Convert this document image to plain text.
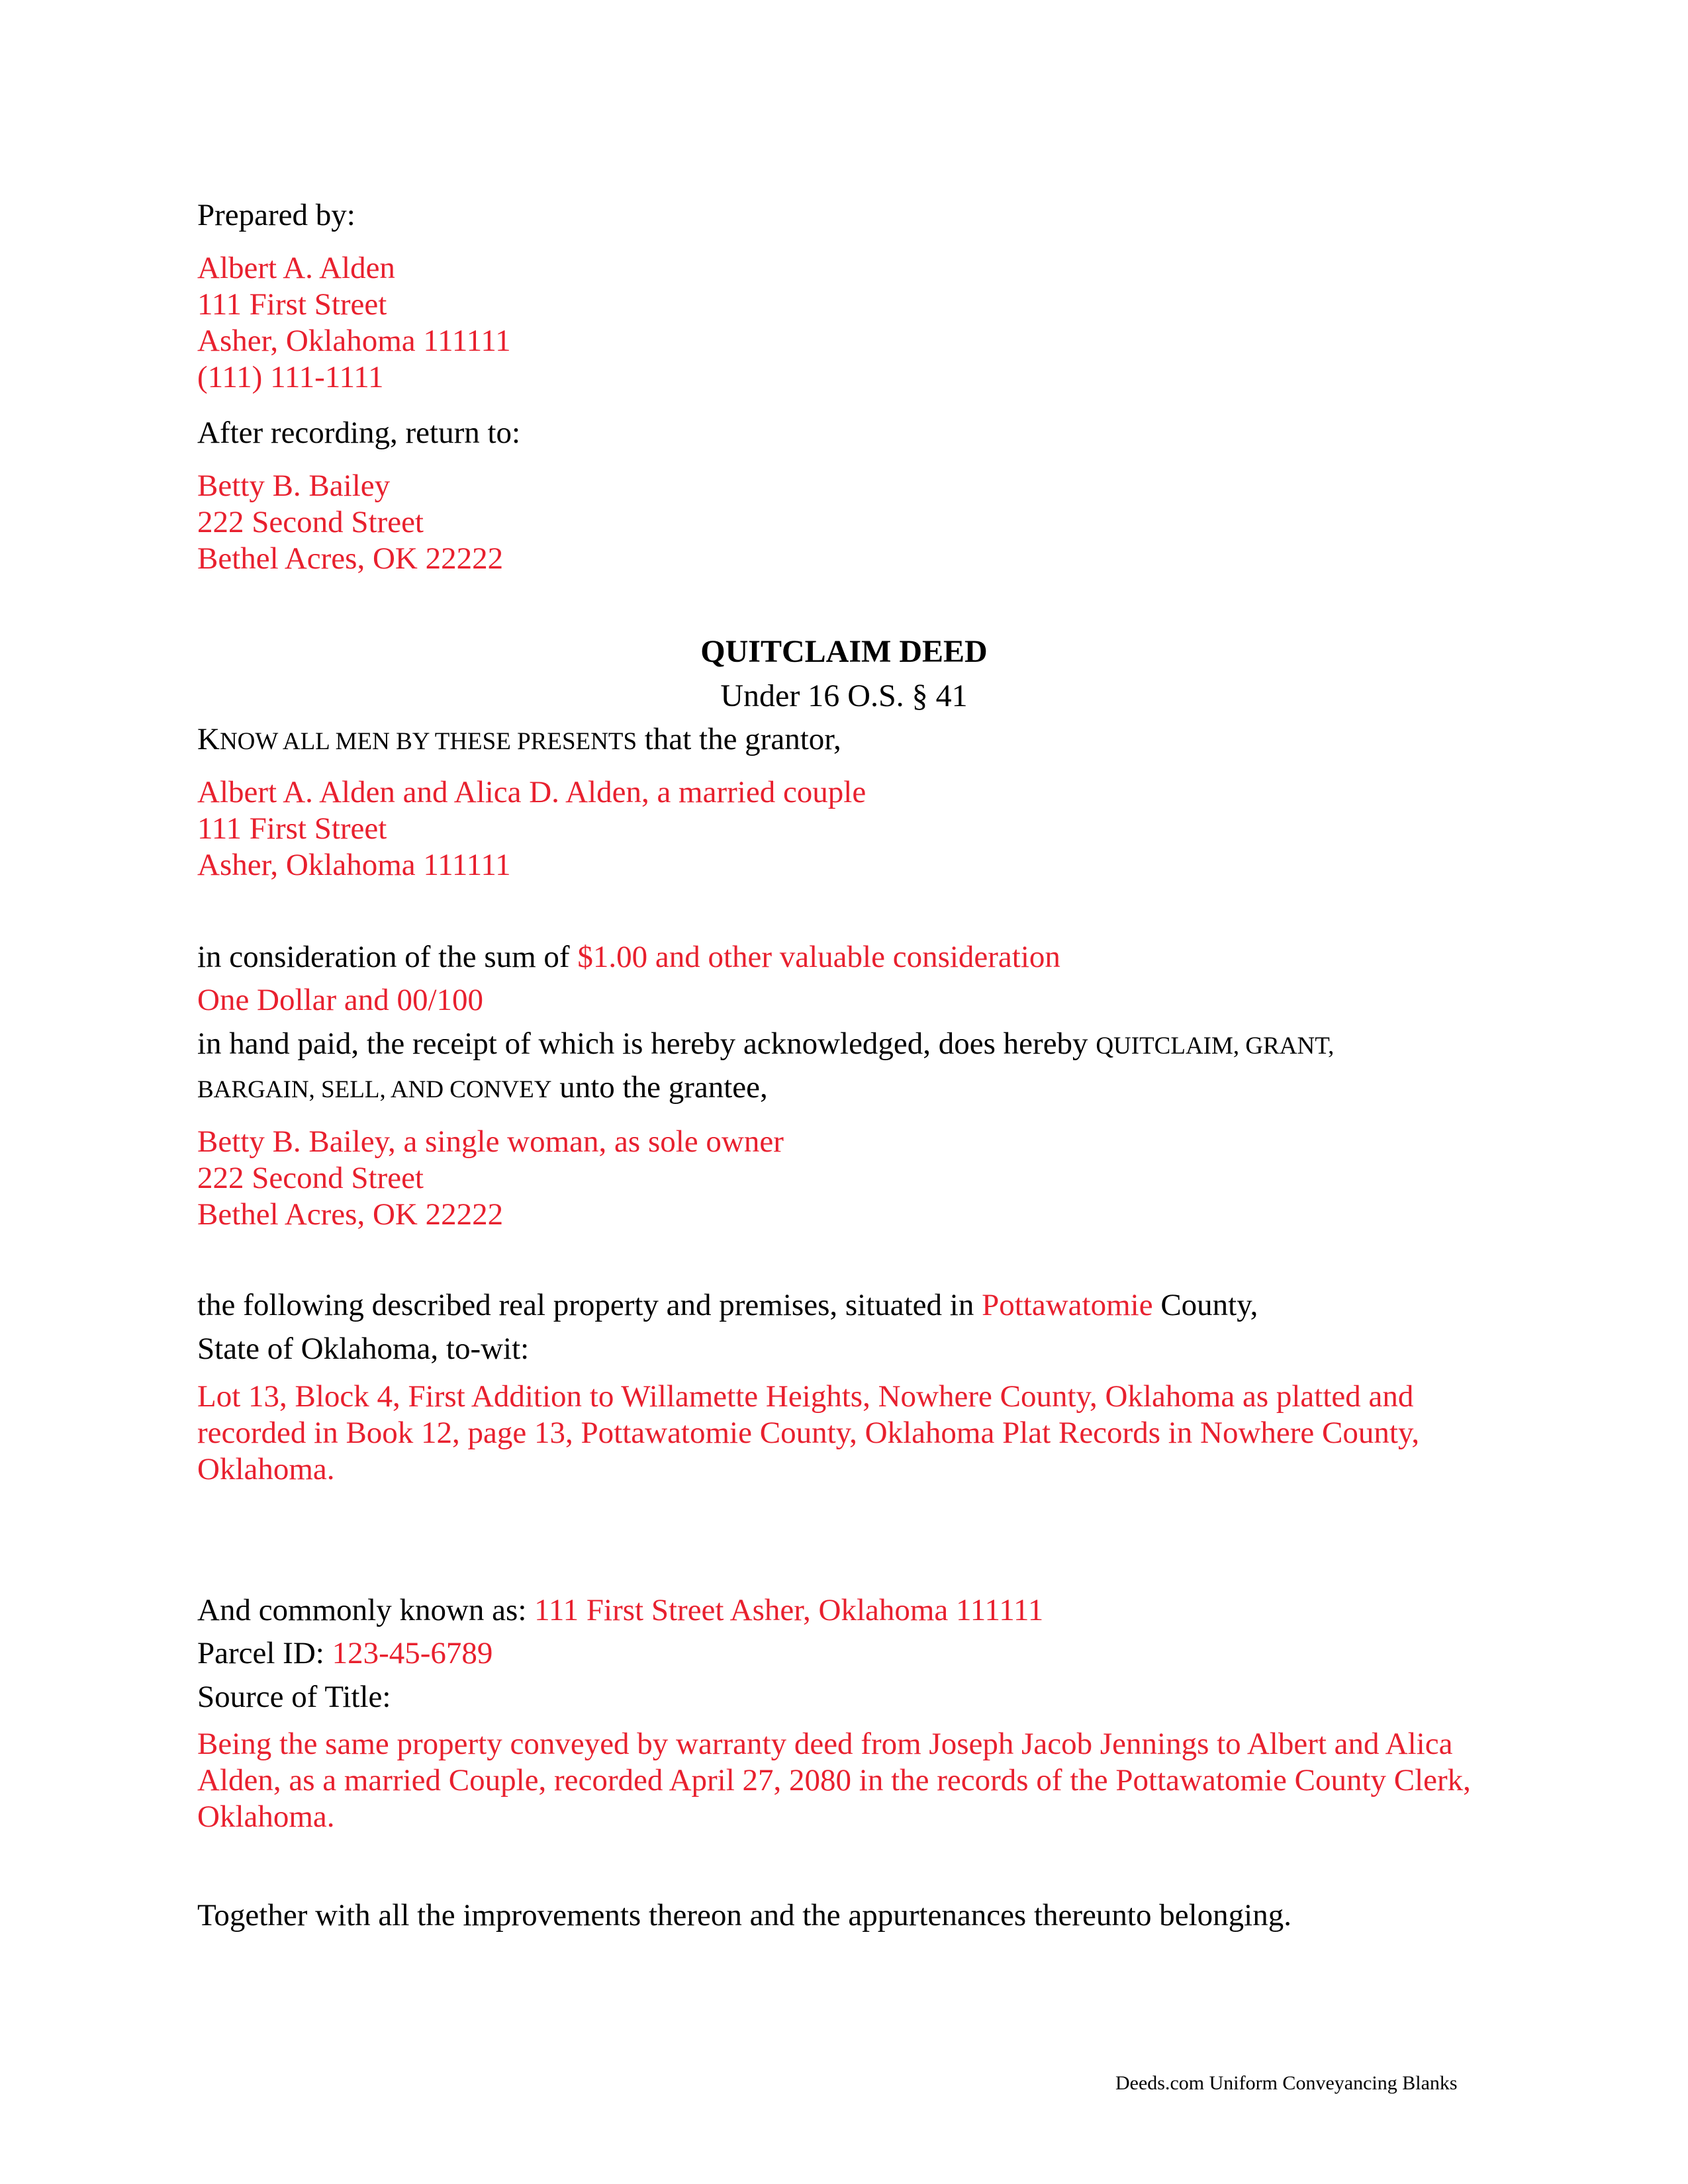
Prepared by:
Albert A. Alden
111 First Street
Asher, Oklahoma 111111
(111) 111-1111
After recording, return to:
Betty B. Bailey
222 Second Street
Bethel Acres, OK 22222
QUITCLAIM DEED
Under 16 O.S. § 41
KNOW ALL MEN BY THESE PRESENTS that the grantor,
Albert A. Alden and Alica D. Alden, a married couple
111 First Street
Asher, Oklahoma 111111
in consideration of the sum of $1.00 and other valuable consideration
One Dollar and 00/100
in hand paid, the receipt of which is hereby acknowledged, does hereby QUITCLAIM, GRANT,
BARGAIN, SELL, AND CONVEY unto the grantee,
Betty B. Bailey, a single woman, as sole owner
222 Second Street
Bethel Acres, OK 22222
the following described real property and premises, situated in Pottawatomie County,
State of Oklahoma, to-wit:
Lot 13, Block 4, First Addition to Willamette Heights, Nowhere County, Oklahoma as platted and recorded in Book 12, page 13, Pottawatomie County, Oklahoma Plat Records in Nowhere County, Oklahoma.
And commonly known as: 111 First Street Asher, Oklahoma 111111
Parcel ID: 123-45-6789
Source of Title:
Being the same property conveyed by warranty deed from Joseph Jacob Jennings to Albert and Alica Alden, as a married Couple, recorded April 27, 2080 in the records of the Pottawatomie County Clerk, Oklahoma.
Together with all the improvements thereon and the appurtenances thereunto belonging.
Deeds.com Uniform Conveyancing Blanks
